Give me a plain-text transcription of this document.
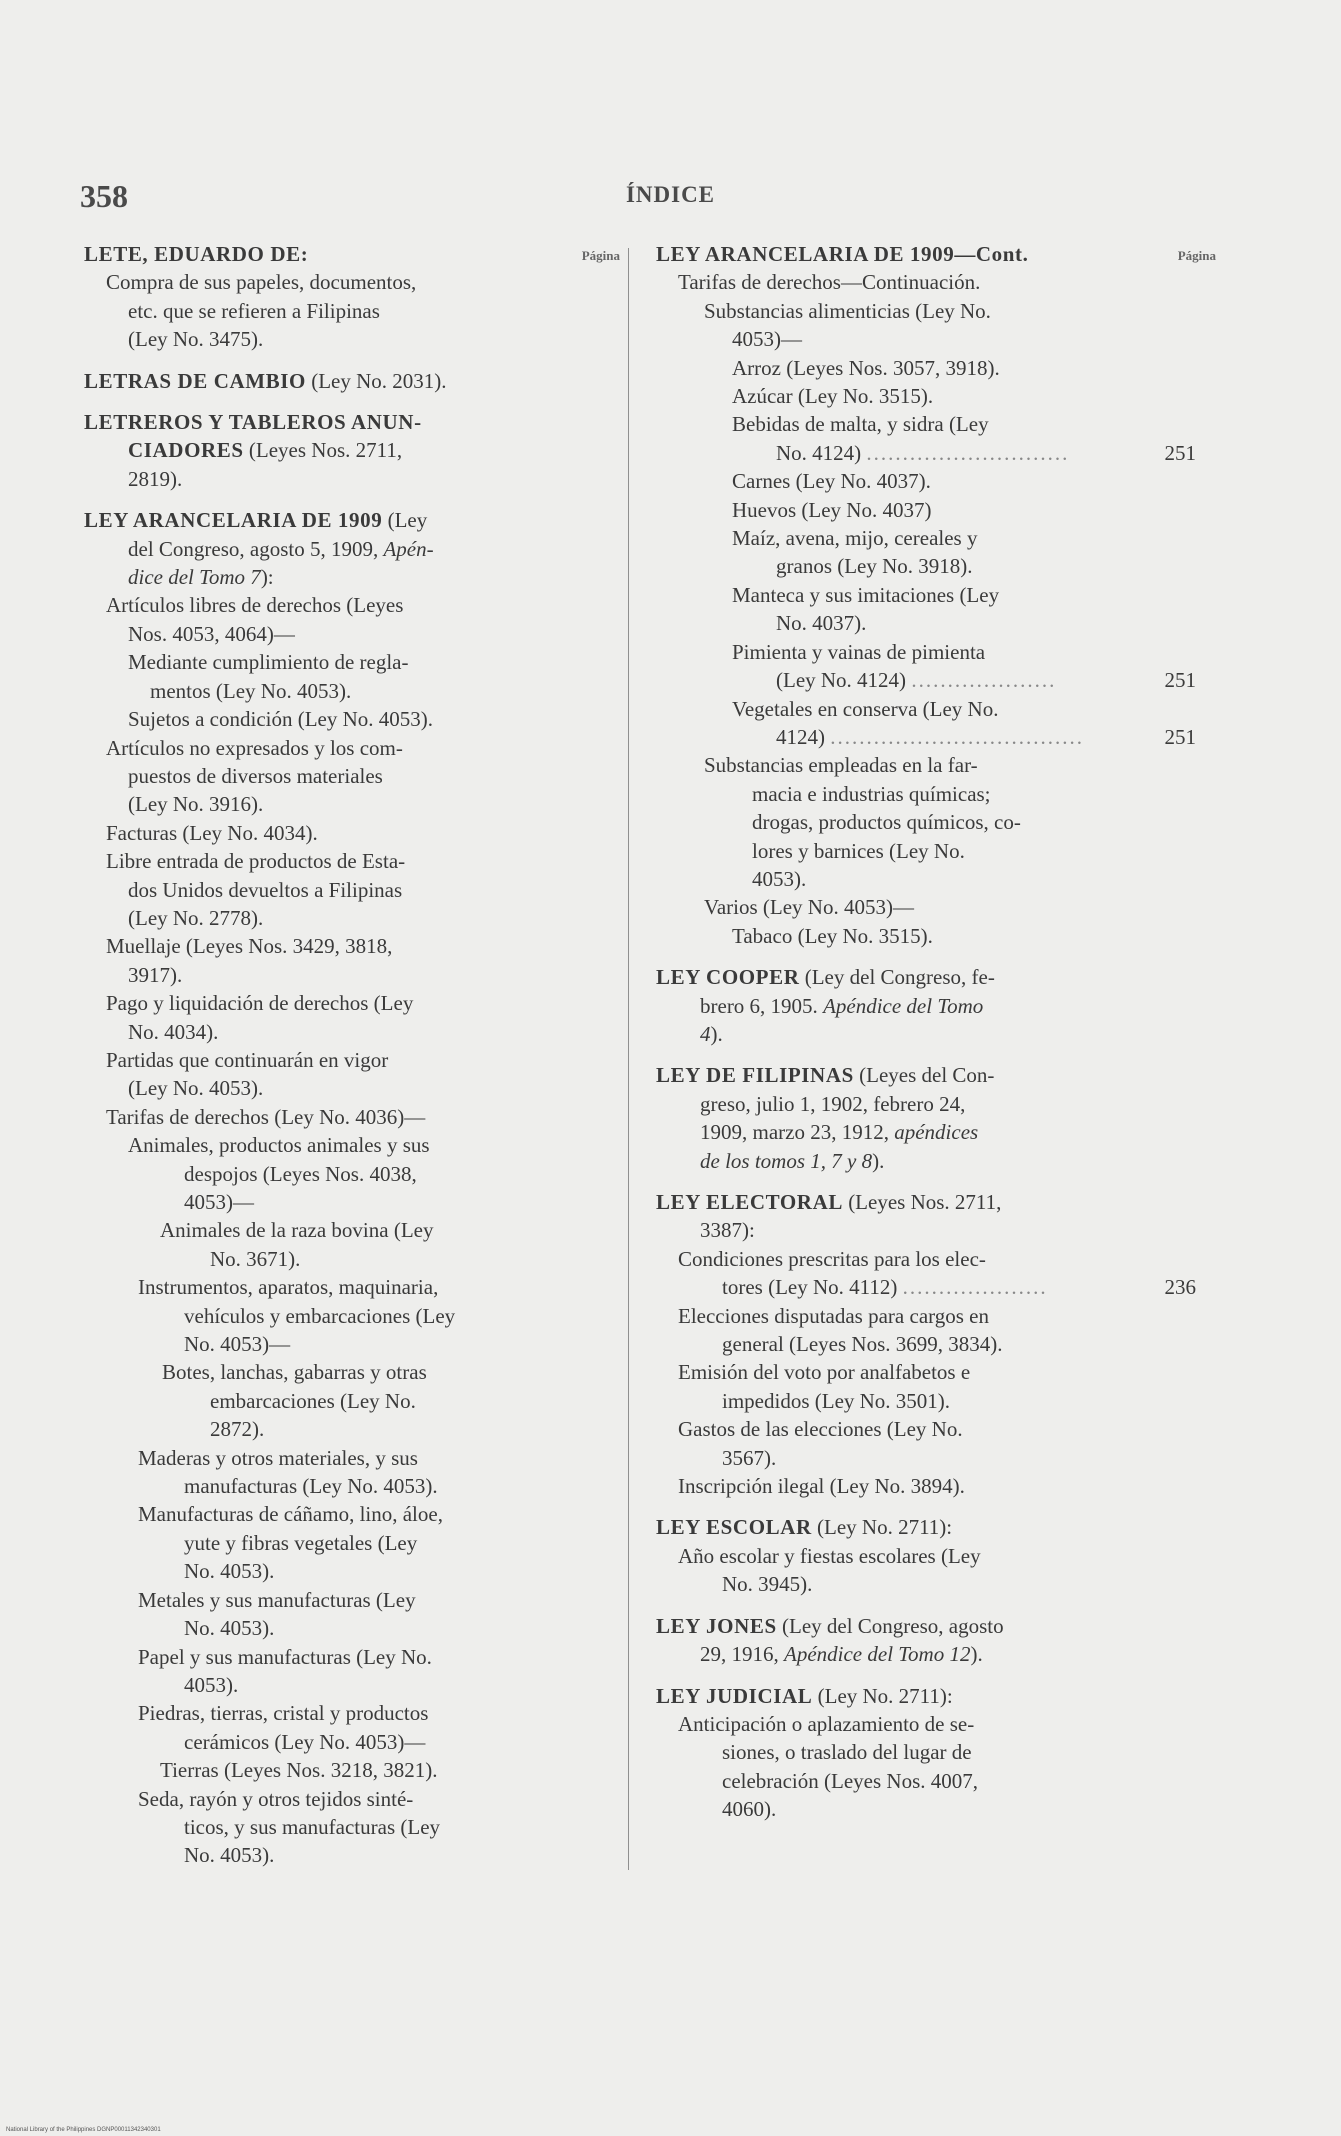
358	ÍNDICE
Página
LETE, EDUARDO DE:
Compra de sus papeles, documentos,
etc. que se refieren a Filipinas
(Ley No. 3475).
LETRAS DE CAMBIO (Ley No. 2031).
LETREROS Y TABLEROS ANUN-
CIADORES (Leyes Nos. 2711,
2819).
LEY ARANCELARIA DE 1909 (Ley
del Congreso, agosto 5, 1909, Apén-
dice del Tomo 7):
Artículos libres de derechos (Leyes
Nos. 4053, 4064)—
Mediante cumplimiento de regla-
mentos (Ley No. 4053).
Sujetos a condición (Ley No. 4053).
Artículos no expresados y los com-
puestos de diversos materiales
(Ley No. 3916).
Facturas (Ley No. 4034).
Libre entrada de productos de Esta-
dos Unidos devueltos a Filipinas
(Ley No. 2778).
Muellaje (Leyes Nos. 3429, 3818,
3917).
Pago y liquidación de derechos (Ley
No. 4034).
Partidas que continuarán en vigor
(Ley No. 4053).
Tarifas de derechos (Ley No. 4036)—
Animales, productos animales y sus
despojos (Leyes Nos. 4038,
4053)—
Animales de la raza bovina (Ley
No. 3671).
Instrumentos, aparatos, maquinaria,
vehículos y embarcaciones (Ley
No. 4053)—
Botes, lanchas, gabarras y otras
embarcaciones (Ley No.
2872).
Maderas y otros materiales, y sus
manufacturas (Ley No. 4053).
Manufacturas de cáñamo, lino, áloe,
yute y fibras vegetales (Ley
No. 4053).
Metales y sus manufacturas (Ley
No. 4053).
Papel y sus manufacturas (Ley No.
4053).
Piedras, tierras, cristal y productos
cerámicos (Ley No. 4053)—
Tierras (Leyes Nos. 3218, 3821).
Seda, rayón y otros tejidos sinté-
ticos, y sus manufacturas (Ley
No. 4053).
Página
LEY ARANCELARIA DE 1909—Cont.
Tarifas de derechos—Continuación.
Substancias alimenticias (Ley No.
4053)—
Arroz (Leyes Nos. 3057, 3918).
Azúcar (Ley No. 3515).
Bebidas de malta, y sidra (Ley
No. 4124) ............................	251
Carnes (Ley No. 4037).
Huevos (Ley No. 4037)
Maíz, avena, mijo, cereales y
granos (Ley No. 3918).
Manteca y sus imitaciones (Ley
No. 4037).
Pimienta y vainas de pimienta
(Ley No. 4124) ....................	251
Vegetales en conserva (Ley No.
4124) ...................................	251
Substancias empleadas en la far-
macia e industrias químicas;
drogas, productos químicos, co-
lores y barnices (Ley No.
4053).
Varios (Ley No. 4053)—
Tabaco (Ley No. 3515).
LEY COOPER (Ley del Congreso, fe-
brero 6, 1905. Apéndice del Tomo
4).
LEY DE FILIPINAS (Leyes del Con-
greso, julio 1, 1902, febrero 24,
1909, marzo 23, 1912, apéndices
de los tomos 1, 7 y 8).
LEY ELECTORAL (Leyes Nos. 2711,
3387):
Condiciones prescritas para los elec-
tores (Ley No. 4112) ....................	236
Elecciones disputadas para cargos en
general (Leyes Nos. 3699, 3834).
Emisión del voto por analfabetos e
impedidos (Ley No. 3501).
Gastos de las elecciones (Ley No.
3567).
Inscripción ilegal (Ley No. 3894).
LEY ESCOLAR (Ley No. 2711):
Año escolar y fiestas escolares (Ley
No. 3945).
LEY JONES (Ley del Congreso, agosto
29, 1916, Apéndice del Tomo 12).
LEY JUDICIAL (Ley No. 2711):
Anticipación o aplazamiento de se-
siones, o traslado del lugar de
celebración (Leyes Nos. 4007,
4060).
National Library of the Philippines DGNP00011342340301
